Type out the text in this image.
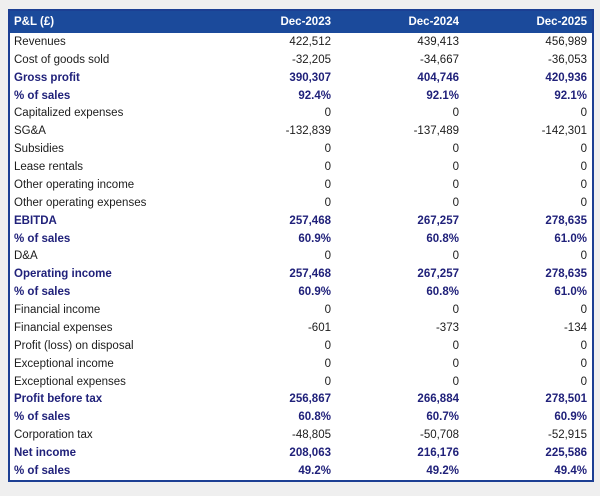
P&L (£)	Dec-2023	Dec-2024	Dec-2025
Revenues	422,512	439,413	456,989
Cost of goods sold	-32,205	-34,667	-36,053
Gross profit	390,307	404,746	420,936
% of sales	92.4%	92.1%	92.1%
Capitalized expenses	0	0	0
SG&A	-132,839	-137,489	-142,301
Subsidies	0	0	0
Lease rentals	0	0	0
Other operating income	0	0	0
Other operating expenses	0	0	0
EBITDA	257,468	267,257	278,635
% of sales	60.9%	60.8%	61.0%
D&A	0	0	0
Operating income	257,468	267,257	278,635
% of sales	60.9%	60.8%	61.0%
Financial income	0	0	0
Financial expenses	-601	-373	-134
Profit (loss) on disposal	0	0	0
Exceptional income	0	0	0
Exceptional expenses	0	0	0
Profit before tax	256,867	266,884	278,501
% of sales	60.8%	60.7%	60.9%
Corporation tax	-48,805	-50,708	-52,915
Net income	208,063	216,176	225,586
% of sales	49.2%	49.2%	49.4%
